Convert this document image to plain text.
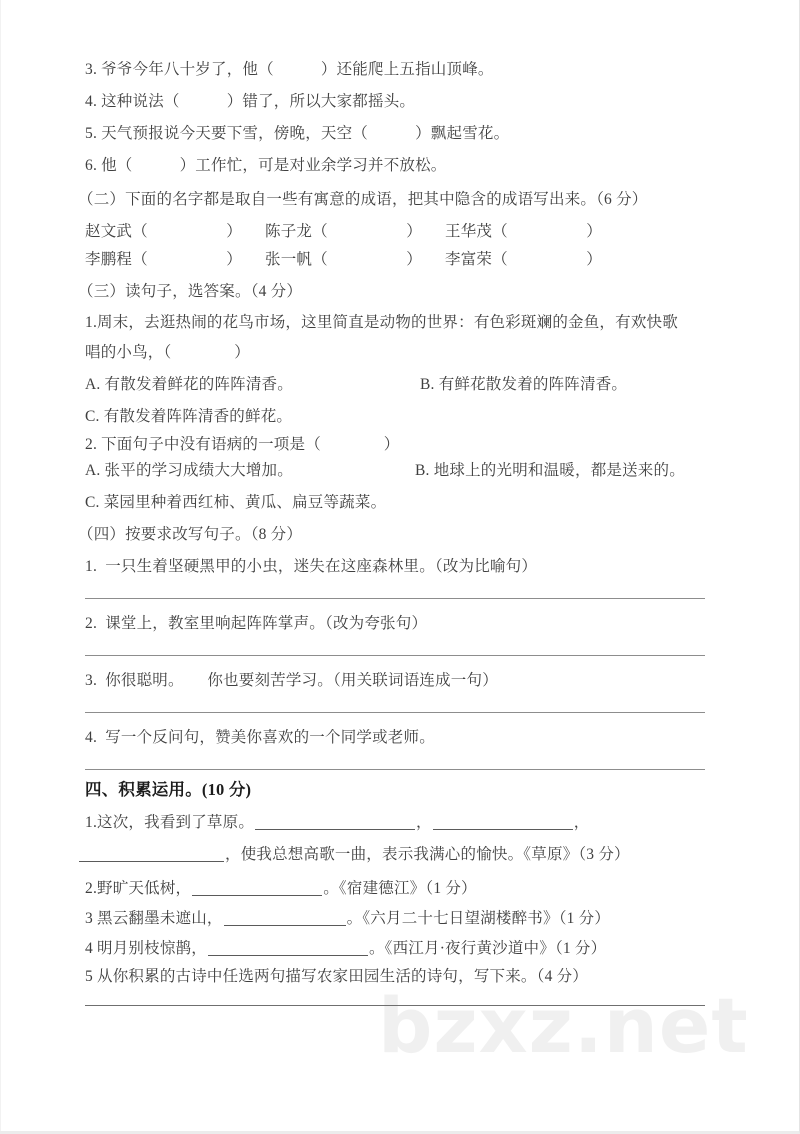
bzxz.net
3. 爷爷今年八十岁了，他（　　　）还能爬上五指山顶峰。
4. 这种说法（　　　）错了，所以大家都摇头。
5. 天气预报说今天要下雪，傍晚，天空（　　　）飘起雪花。
6. 他（　　　）工作忙，可是对业余学习并不放松。
（二）下面的名字都是取自一些有寓意的成语，把其中隐含的成语写出来。（6 分）
赵文武（　　　　　） 陈子龙（　　　　　） 王华茂（　　　　　）
李鹏程（　　　　　） 张一帆（　　　　　） 李富荣（　　　　　）
（三）读句子，选答案。（4 分）
1.周末，去逛热闹的花鸟市场，这里简直是动物的世界：有色彩斑斓的金鱼，有欢快歌
唱的小鸟，（　　　　）
A. 有散发着鲜花的阵阵清香。	B. 有鲜花散发着的阵阵清香。
C. 有散发着阵阵清香的鲜花。
2. 下面句子中没有语病的一项是（　　　　）
A. 张平的学习成绩大大增加。	B. 地球上的光明和温暖，都是送来的。
C. 菜园里种着西红柿、黄瓜、扁豆等蔬菜。
（四）按要求改写句子。（8 分）
1. 一只生着坚硬黑甲的小虫，迷失在这座森林里。（改为比喻句）
2. 课堂上，教室里响起阵阵掌声。（改为夸张句）
3. 你很聪明。　　你也要刻苦学习。（用关联词语连成一句）
4. 写一个反问句，赞美你喜欢的一个同学或老师。
四、积累运用。(10 分)
1.这次，我看到了草原。	，	，
，使我总想高歌一曲，表示我满心的愉快。《草原》（3 分）
2.野旷天低树，	。《宿建德江》（1 分）
3 黑云翻墨未遮山，	。《六月二十七日望湖楼醉书》（1 分）
4 明月别枝惊鹊，	。《西江月·夜行黄沙道中》（1 分）
5 从你积累的古诗中任选两句描写农家田园生活的诗句，写下来。（4 分）
